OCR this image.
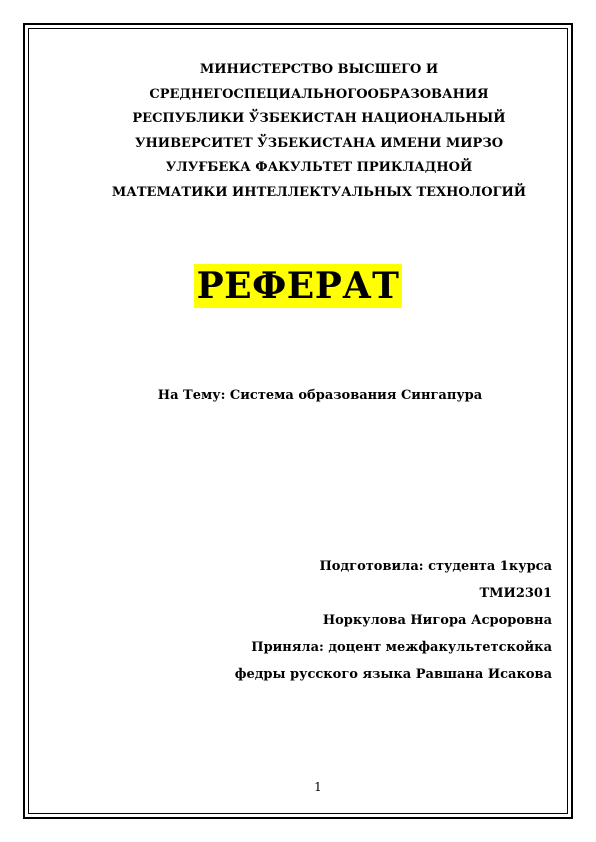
МИНИСТЕРСТВО ВЫСШЕГО И
СРЕДНЕГОСПЕЦИАЛЬНОГООБРАЗОВАНИЯ
РЕСПУБЛИКИ ЎЗБЕКИСТАН НАЦИОНАЛЬНЫЙ
УНИВЕРСИТЕТ ЎЗБЕКИСТАНА ИМЕНИ МИРЗО
УЛУҒБЕКА ФАКУЛЬТЕТ ПРИКЛАДНОЙ
МАТЕМАТИКИ ИНТЕЛЛЕКТУАЛЬНЫХ ТЕХНОЛОГИЙ
РЕФЕРАТ
На Тему: Система образования Сингапура
Подготовила: студента 1курса
ТМИ2301
Норкулова Нигора Асроровна
Приняла: доцент межфакультетскойка
федры русского языка Равшана Исакова
1
